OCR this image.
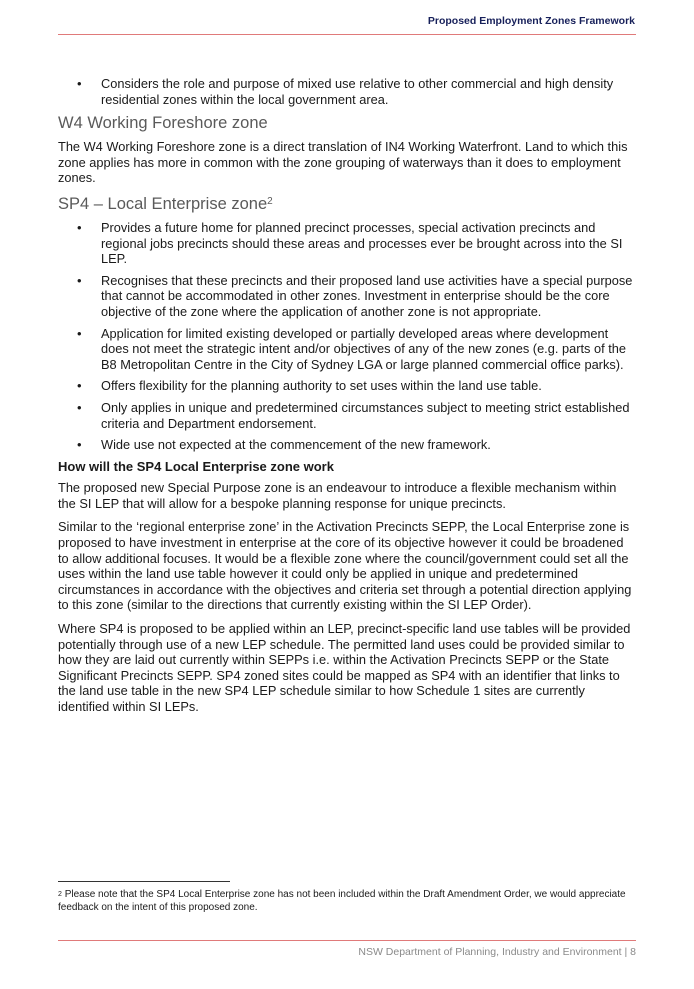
Proposed Employment Zones Framework
• Considers the role and purpose of mixed use relative to other commercial and high density residential zones within the local government area.
W4 Working Foreshore zone

The W4 Working Foreshore zone is a direct translation of IN4 Working Waterfront. Land to which this zone applies has more in common with the zone grouping of waterways than it does to employment zones.

SP4 – Local Enterprise zone$^2$
• Provides a future home for planned precinct processes, special activation precincts and regional jobs precincts should these areas and processes ever be brought across into the SI LEP.
• Recognises that these precincts and their proposed land use activities have a special purpose that cannot be accommodated in other zones. Investment in enterprise should be the core objective of the zone where the application of another zone is not appropriate.
• Application for limited existing developed or partially developed areas where development does not meet the strategic intent and/or objectives of any of the new zones (e.g. parts of the B8 Metropolitan Centre in the City of Sydney LGA or large planned commercial office parks).
• Offers flexibility for the planning authority to set uses within the land use table.
• Only applies in unique and predetermined circumstances subject to meeting strict established criteria and Department endorsement.
• Wide use not expected at the commencement of the new framework.
How will the SP4 Local Enterprise zone work

The proposed new Special Purpose zone is an endeavour to introduce a flexible mechanism within the SI LEP that will allow for a bespoke planning response for unique precincts.

Similar to the ‘regional enterprise zone’ in the Activation Precincts SEPP, the Local Enterprise zone is proposed to have investment in enterprise at the core of its objective however it could be broadened to allow additional focuses. It would be a flexible zone where the council/government could set all the uses within the land use table however it could only be applied in unique and predetermined circumstances in accordance with the objectives and criteria set through a potential direction applying to this zone (similar to the directions that currently existing within the SI LEP Order).

Where SP4 is proposed to be applied within an LEP, precinct-specific land use tables will be provided potentially through use of a new LEP schedule. The permitted land uses could be provided similar to how they are laid out currently within SEPPs i.e. within the Activation Precincts SEPP or the State Significant Precincts SEPP. SP4 zoned sites could be mapped as SP4 with an identifier that links to the land use table in the new SP4 LEP schedule similar to how Schedule 1 sites are currently identified within SI LEPs.

$^2$ Please note that the SP4 Local Enterprise zone has not been included within the Draft Amendment Order, we would appreciate feedback on the intent of this proposed zone.
NSW Department of Planning, Industry and Environment | 8
